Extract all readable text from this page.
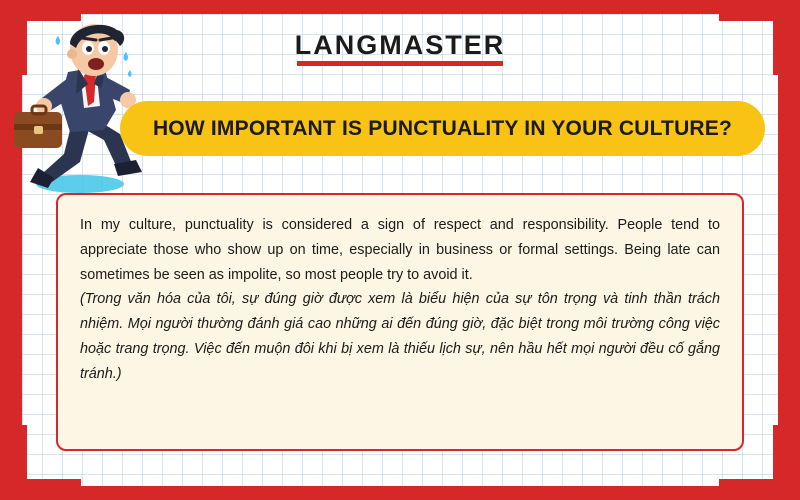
LANGMASTER
HOW IMPORTANT IS PUNCTUALITY IN YOUR CULTURE?

In my culture, punctuality is considered a sign of respect and responsibility. People tend to appreciate those who show up on time, especially in business or formal settings. Being late can sometimes be seen as impolite, so most people try to avoid it.

(Trong văn hóa của tôi, sự đúng giờ được xem là biểu hiện của sự tôn trọng và tinh thần trách nhiệm. Mọi người thường đánh giá cao những ai đến đúng giờ, đặc biệt trong môi trường công việc hoặc trang trọng. Việc đến muộn đôi khi bị xem là thiếu lịch sự, nên hầu hết mọi người đều cố gắng tránh.)
